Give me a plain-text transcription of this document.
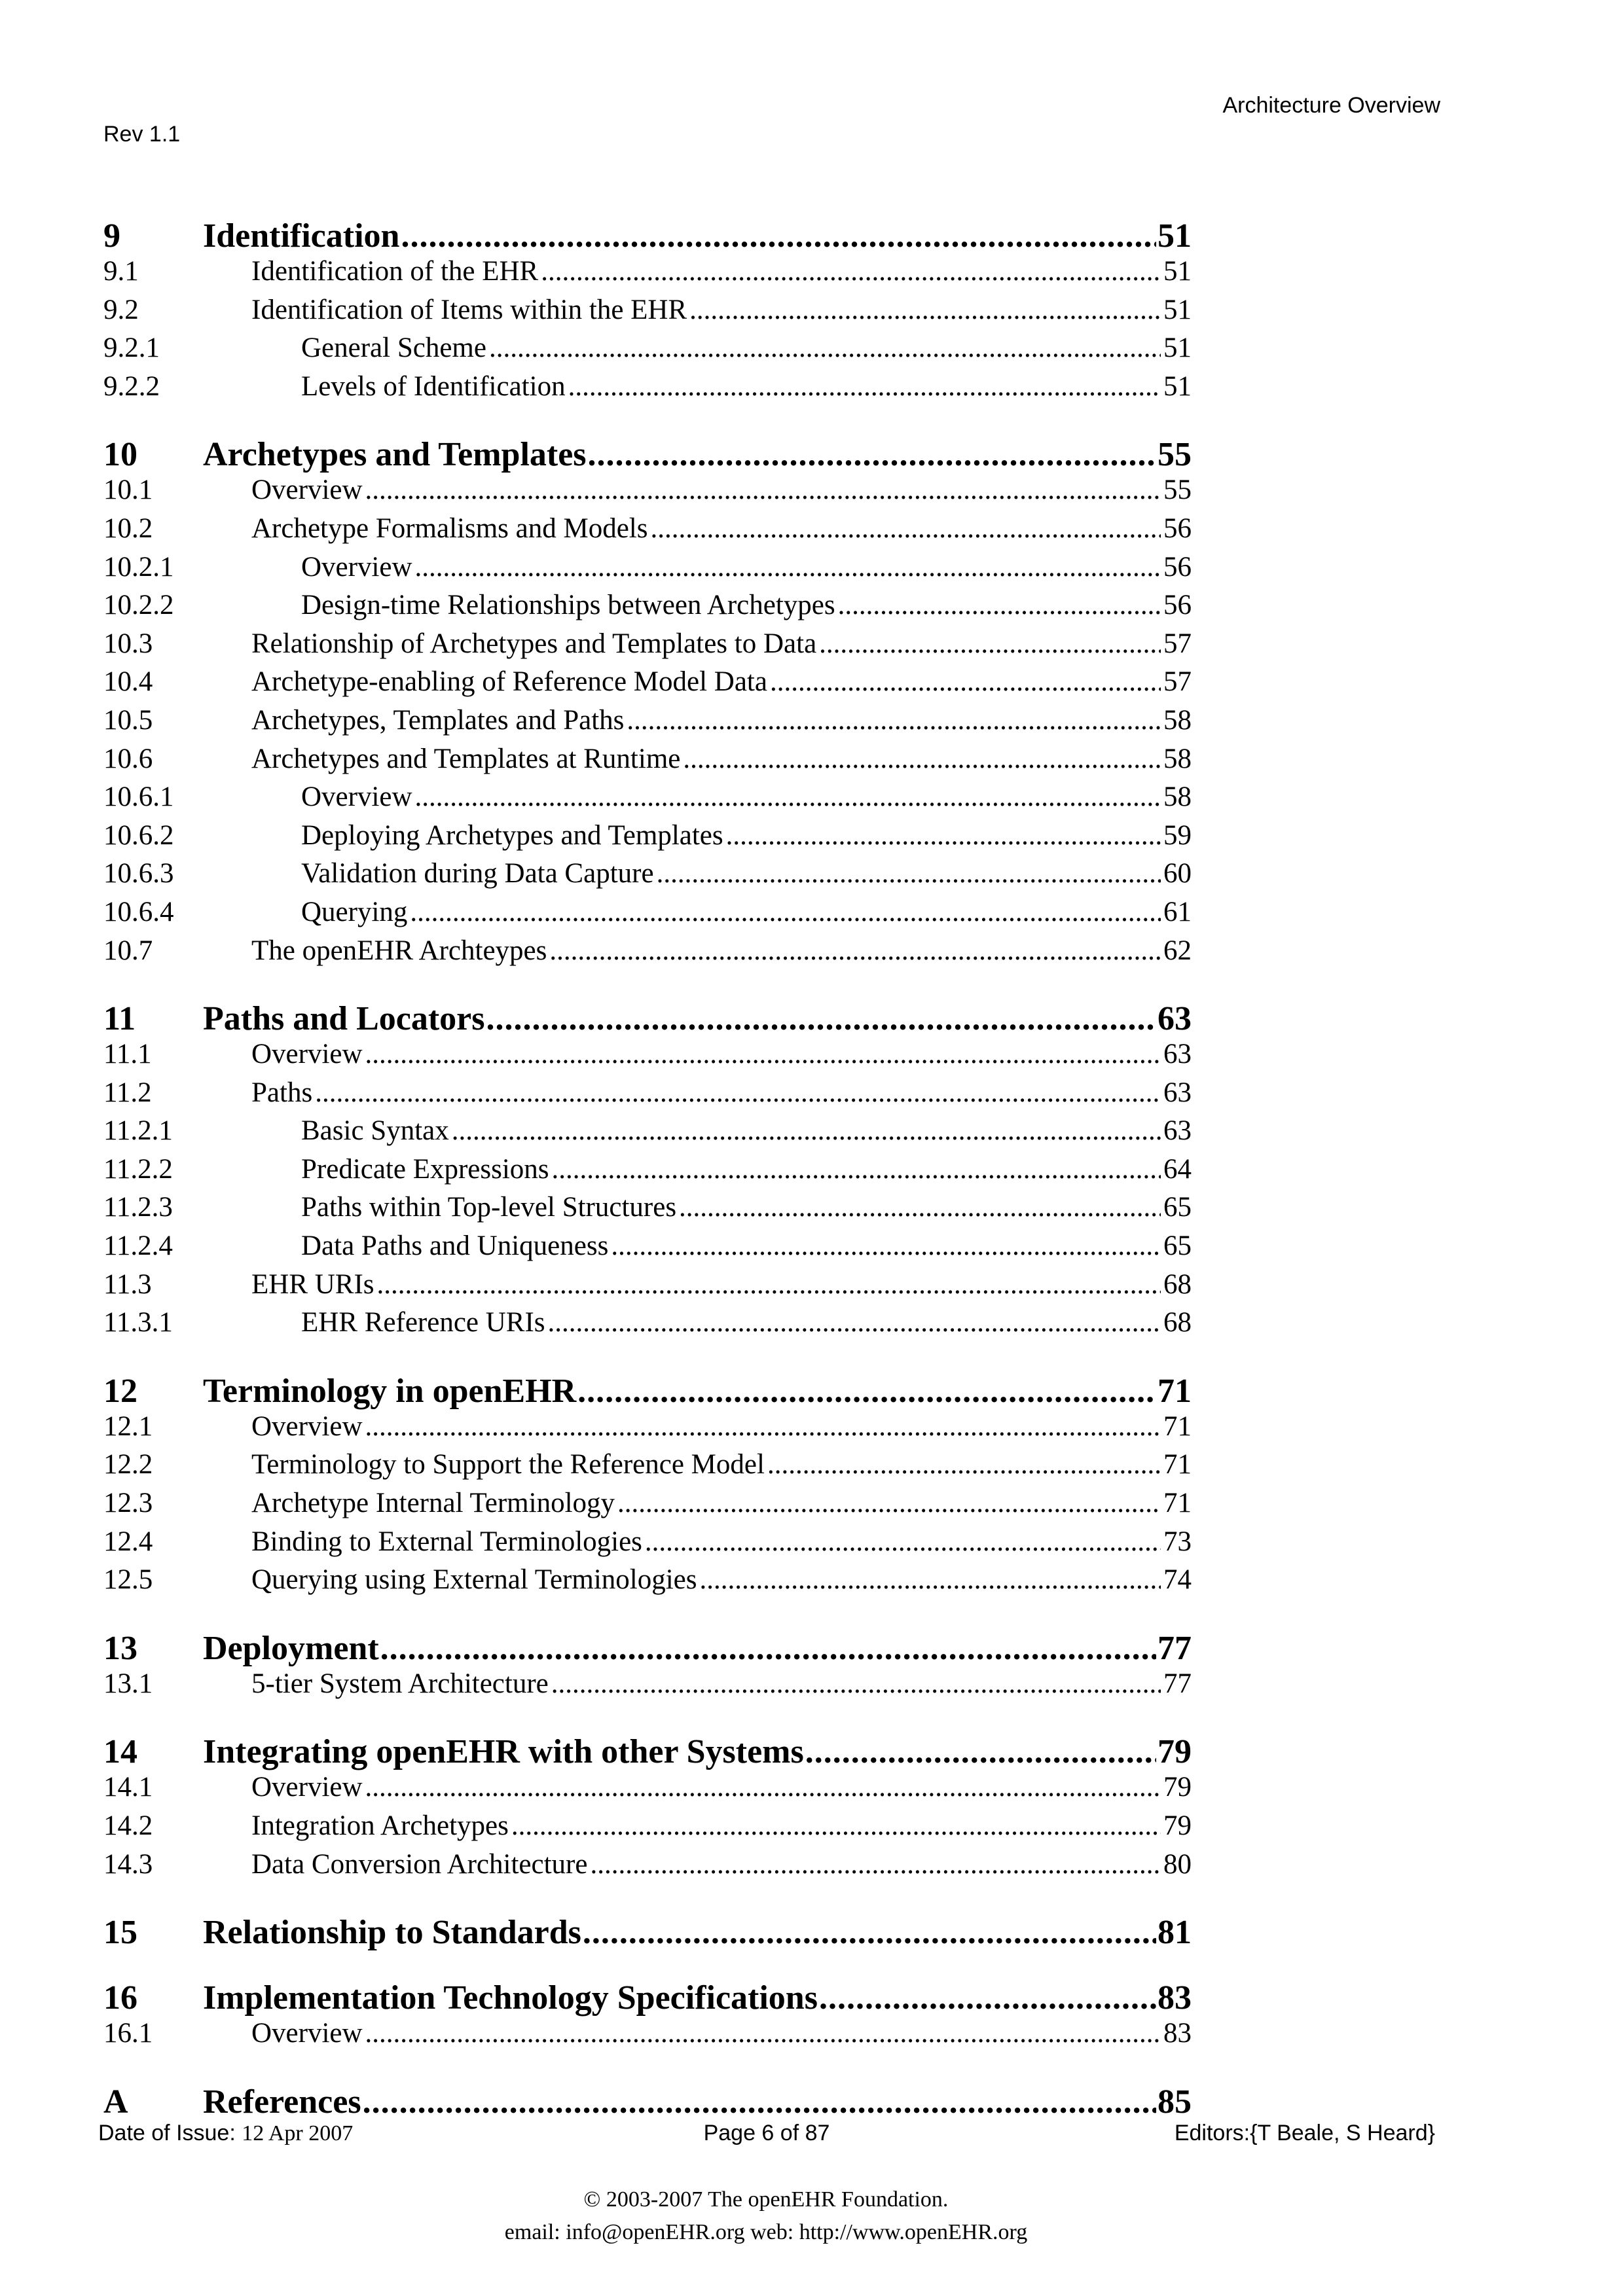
Architecture Overview
Rev 1.1
9	Identification .....	51
9.1	Identification of the EHR .....	51
9.2	Identification of Items within the EHR .....	51
9.2.1	General Scheme .....	51
9.2.2	Levels of Identification .....	51
10	Archetypes and Templates .....	55
10.1	Overview .....	55
10.2	Archetype Formalisms and Models .....	56
10.2.1	Overview .....	56
10.2.2	Design-time Relationships between Archetypes .....	56
10.3	Relationship of Archetypes and Templates to Data .....	57
10.4	Archetype-enabling of Reference Model Data .....	57
10.5	Archetypes, Templates and Paths .....	58
10.6	Archetypes and Templates at Runtime .....	58
10.6.1	Overview .....	58
10.6.2	Deploying Archetypes and Templates .....	59
10.6.3	Validation during Data Capture .....	60
10.6.4	Querying .....	61
10.7	The openEHR Archteypes .....	62
11	Paths and Locators .....	63
11.1	Overview .....	63
11.2	Paths .....	63
11.2.1	Basic Syntax .....	63
11.2.2	Predicate Expressions .....	64
11.2.3	Paths within Top-level Structures .....	65
11.2.4	Data Paths and Uniqueness .....	65
11.3	EHR URIs .....	68
11.3.1	EHR Reference URIs .....	68
12	Terminology in openEHR .....	71
12.1	Overview .....	71
12.2	Terminology to Support the Reference Model .....	71
12.3	Archetype Internal Terminology .....	71
12.4	Binding to External Terminologies .....	73
12.5	Querying using External Terminologies .....	74
13	Deployment .....	77
13.1	5-tier System Architecture .....	77
14	Integrating openEHR with other Systems .....	79
14.1	Overview .....	79
14.2	Integration Archetypes .....	79
14.3	Data Conversion Architecture .....	80
15	Relationship to Standards .....	81
16	Implementation Technology Specifications .....	83
16.1	Overview .....	83
A	References .....	85
Date of Issue: 12 Apr 2007	Page 6 of 87	Editors:{T Beale, S Heard}
© 2003-2007 The openEHR Foundation.
email: info@openEHR.org web: http://www.openEHR.org
